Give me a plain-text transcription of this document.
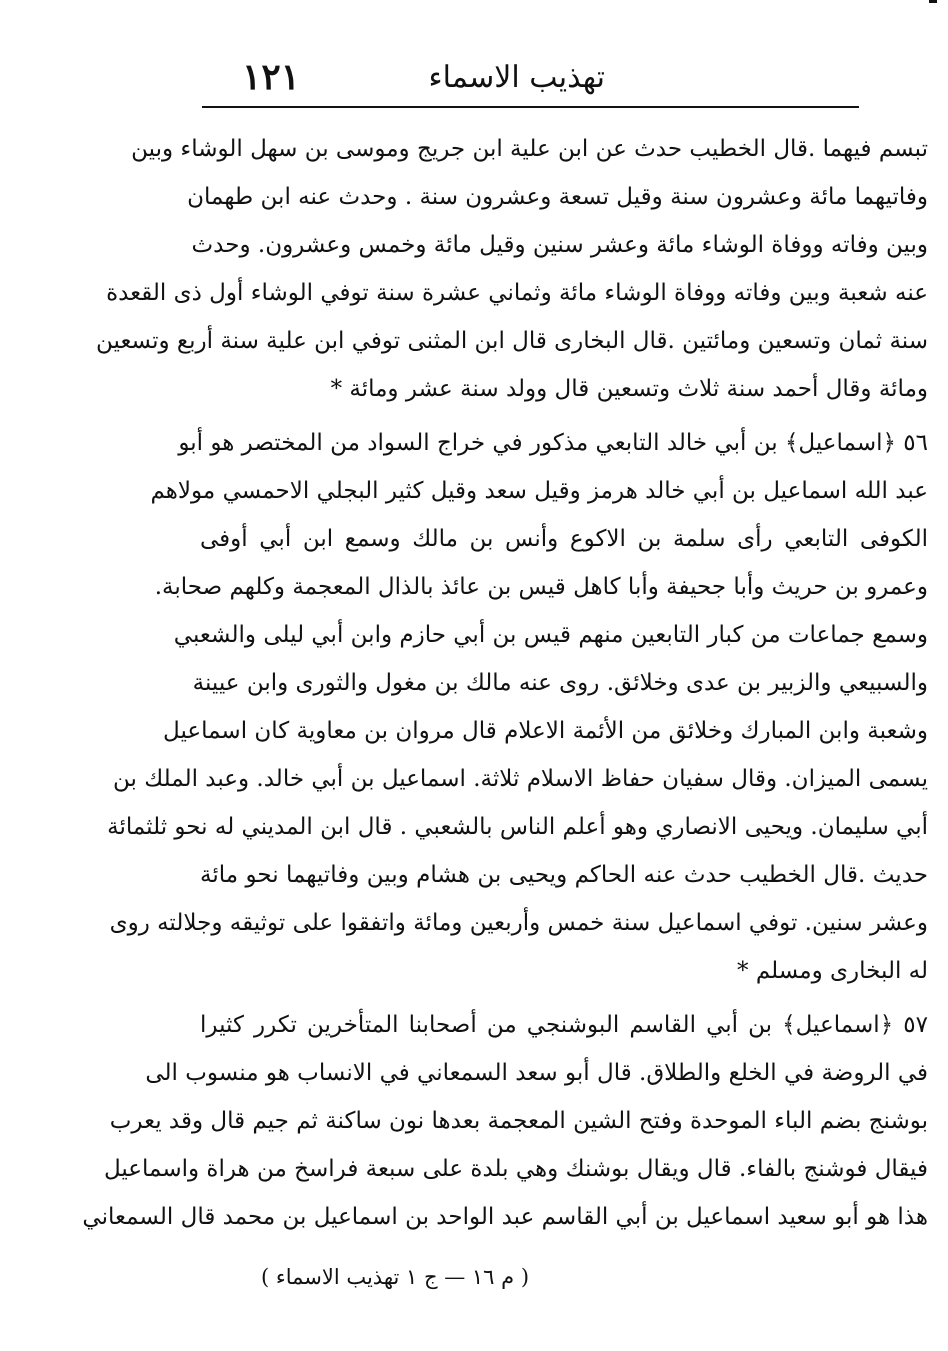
تهذيب الاسماء
١٢١
تبسم فيهما .قال الخطيب حدث عن ابن علية ابن جريج وموسى بن سهل الوشاء وبين
وفاتيهما مائة وعشرون سنة وقيل تسعة وعشرون سنة . وحدث عنه ابن طهمان
وبين وفاته ووفاة الوشاء مائة وعشر سنين وقيل مائة وخمس وعشرون. وحدث
عنه شعبة وبين وفاته ووفاة الوشاء مائة وثماني عشرة سنة توفي الوشاء أول ذى القعدة
سنة ثمان وتسعين ومائتين .قال البخارى قال ابن المثنى توفي ابن علية سنة أربع وتسعين
ومائة وقال أحمد سنة ثلاث وتسعين قال وولد سنة عشر ومائة *
٥٦ ﴿اسماعيل﴾ بن أبي خالد التابعي مذكور في خراج السواد من المختصر هو أبو
عبد الله اسماعيل بن أبي خالد هرمز وقيل سعد وقيل كثير البجلي الاحمسي مولاهم
الكوفى التابعي رأى سلمة بن الاكوع وأنس بن مالك وسمع ابن أبي أوفى
وعمرو بن حريث وأبا جحيفة وأبا كاهل قيس بن عائذ بالذال المعجمة وكلهم صحابة.
وسمع جماعات من كبار التابعين منهم قيس بن أبي حازم وابن أبي ليلى والشعبي
والسبيعي والزبير بن عدى وخلائق. روى عنه مالك بن مغول والثورى وابن عيينة
وشعبة وابن المبارك وخلائق من الأئمة الاعلام قال مروان بن معاوية كان اسماعيل
يسمى الميزان. وقال سفيان حفاظ الاسلام ثلاثة. اسماعيل بن أبي خالد. وعبد الملك بن
أبي سليمان. ويحيى الانصاري وهو أعلم الناس بالشعبي . قال ابن المديني له نحو ثلثمائة
حديث .قال الخطيب حدث عنه الحاكم ويحيى بن هشام وبين وفاتيهما نحو مائة
وعشر سنين. توفي اسماعيل سنة خمس وأربعين ومائة واتفقوا على توثيقه وجلالته روى
له البخارى ومسلم *
٥٧ ﴿اسماعيل﴾ بن أبي القاسم البوشنجي من أصحابنا المتأخرين تكرر كثيرا
في الروضة في الخلع والطلاق. قال أبو سعد السمعاني في الانساب هو منسوب الى
بوشنج بضم الباء الموحدة وفتح الشين المعجمة بعدها نون ساكنة ثم جيم قال وقد يعرب
فيقال فوشنج بالفاء. قال ويقال بوشنك وهي بلدة على سبعة فراسخ من هراة واسماعيل
هذا هو أبو سعيد اسماعيل بن أبي القاسم عبد الواحد بن اسماعيل بن محمد قال السمعاني
( م ١٦ — ج ١ تهذيب الاسماء )
